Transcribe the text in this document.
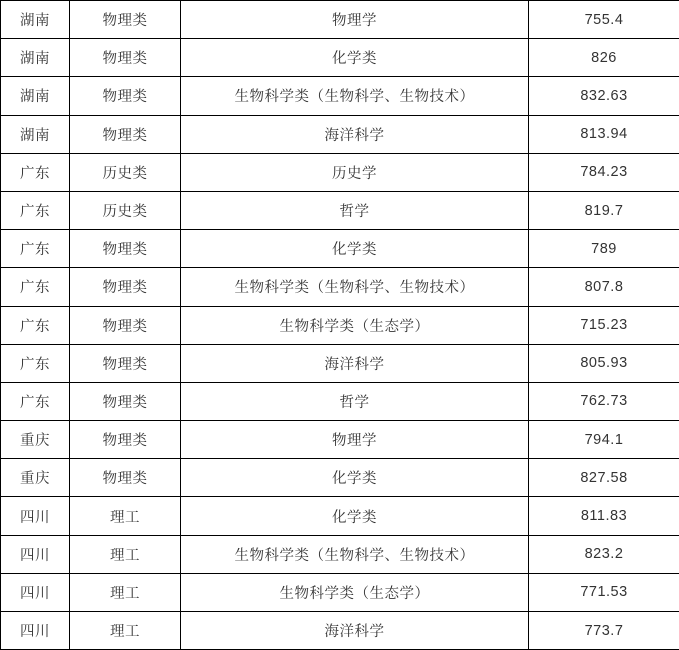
湖南	物理类	物理学	755.4
湖南	物理类	化学类	826
湖南	物理类	生物科学类（生物科学、生物技术）	832.63
湖南	物理类	海洋科学	813.94
广东	历史类	历史学	784.23
广东	历史类	哲学	819.7
广东	物理类	化学类	789
广东	物理类	生物科学类（生物科学、生物技术）	807.8
广东	物理类	生物科学类（生态学）	715.23
广东	物理类	海洋科学	805.93
广东	物理类	哲学	762.73
重庆	物理类	物理学	794.1
重庆	物理类	化学类	827.58
四川	理工	化学类	811.83
四川	理工	生物科学类（生物科学、生物技术）	823.2
四川	理工	生物科学类（生态学）	771.53
四川	理工	海洋科学	773.7
